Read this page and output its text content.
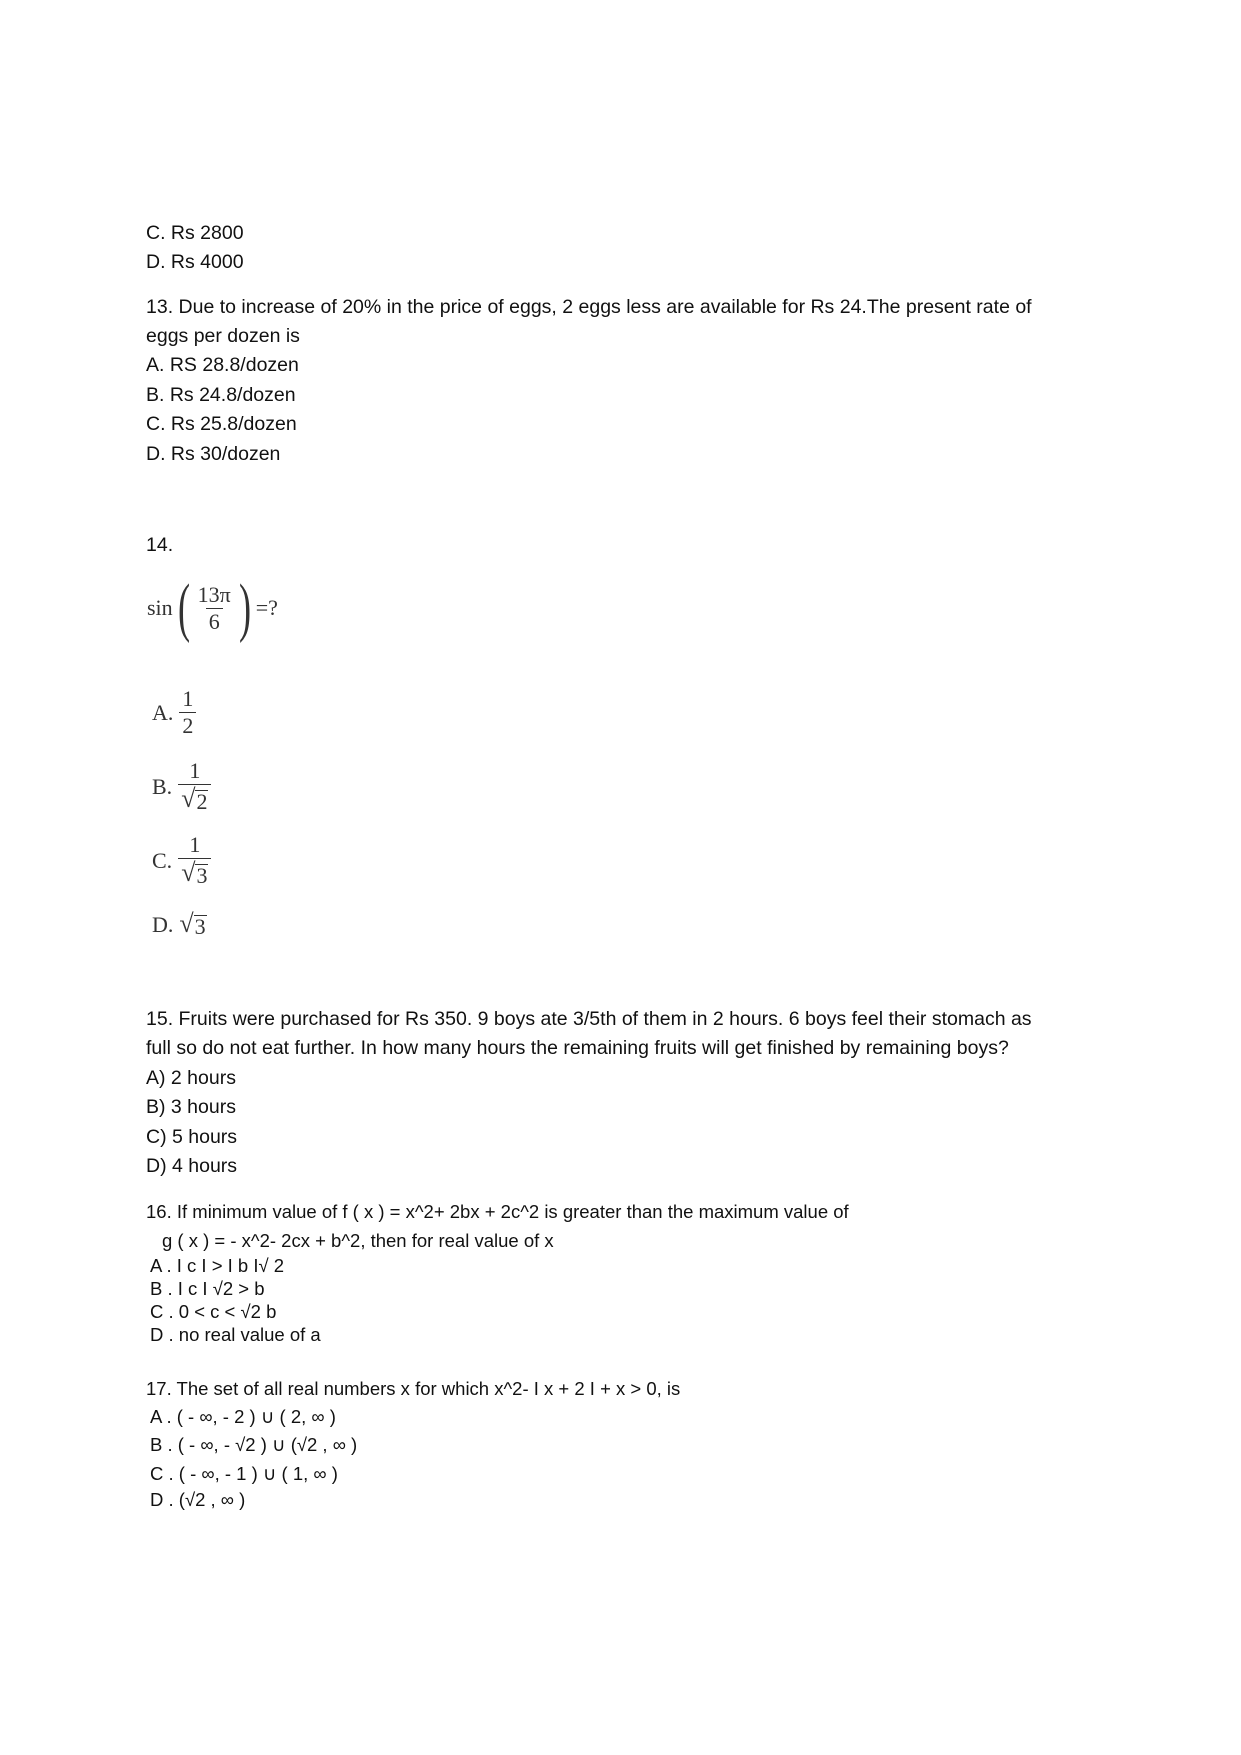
C. Rs 2800
D. Rs 4000
13. Due to increase of 20% in the price of eggs, 2 eggs less are available for Rs 24.The present rate of
eggs per dozen is
A. RS 28.8/dozen
B. Rs 24.8/dozen
C. Rs 25.8/dozen
D. Rs 30/dozen
14.
sin ( $\frac{13\pi}{6}$ ) =?
A. $\frac{1}{2}$
B. $\frac{1}{√ 2}$
C. $\frac{1}{√ 3}$
D. √ 3
15. Fruits were purchased for Rs 350. 9 boys ate 3/5th of them in 2 hours. 6 boys feel their stomach as
full so do not eat further. In how many hours the remaining fruits will get finished by remaining boys?
A) 2 hours
B) 3 hours
C) 5 hours
D) 4 hours
16. If minimum value of f ( x ) = x^2+ 2bx + 2c^2 is greater than the maximum value of
g ( x ) = - x^2- 2cx + b^2, then for real value of x
A . I c I > I b I√ 2
B . I c I √2 > b
C . 0 < c < √2 b
D . no real value of a
17. The set of all real numbers x for which x^2- I x + 2 I + x > 0, is
A . ( - ∞, - 2 ) ∪ ( 2, ∞ )
B . ( - ∞, - √2 ) ∪ (√2 , ∞ )
C . ( - ∞, - 1 ) ∪ ( 1, ∞ )
D . (√2 , ∞ )
